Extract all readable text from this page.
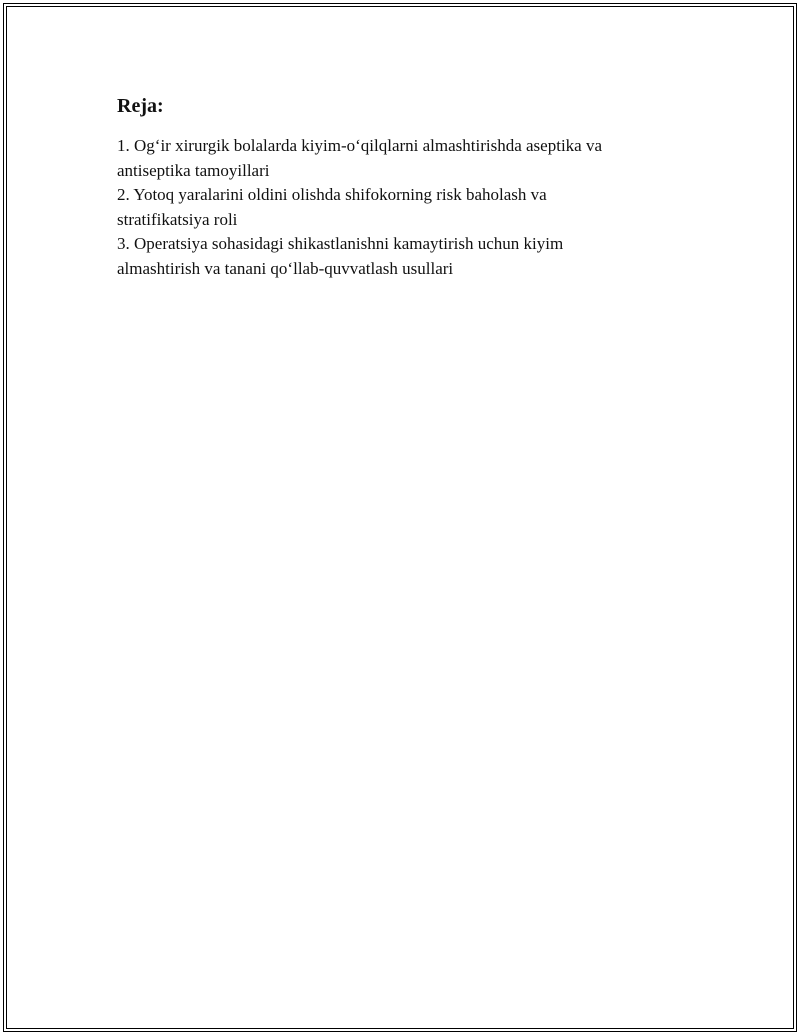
Reja:
1. Og‘ir xirurgik bolalarda kiyim-o‘qilqlarni almashtirishda aseptika va
antiseptika tamoyillari
2. Yotoq yaralarini oldini olishda shifokorning risk baholash va
stratifikatsiya roli
3. Operatsiya sohasidagi shikastlanishni kamaytirish uchun kiyim
almashtirish va tanani qo‘llab-quvvatlash usullari
